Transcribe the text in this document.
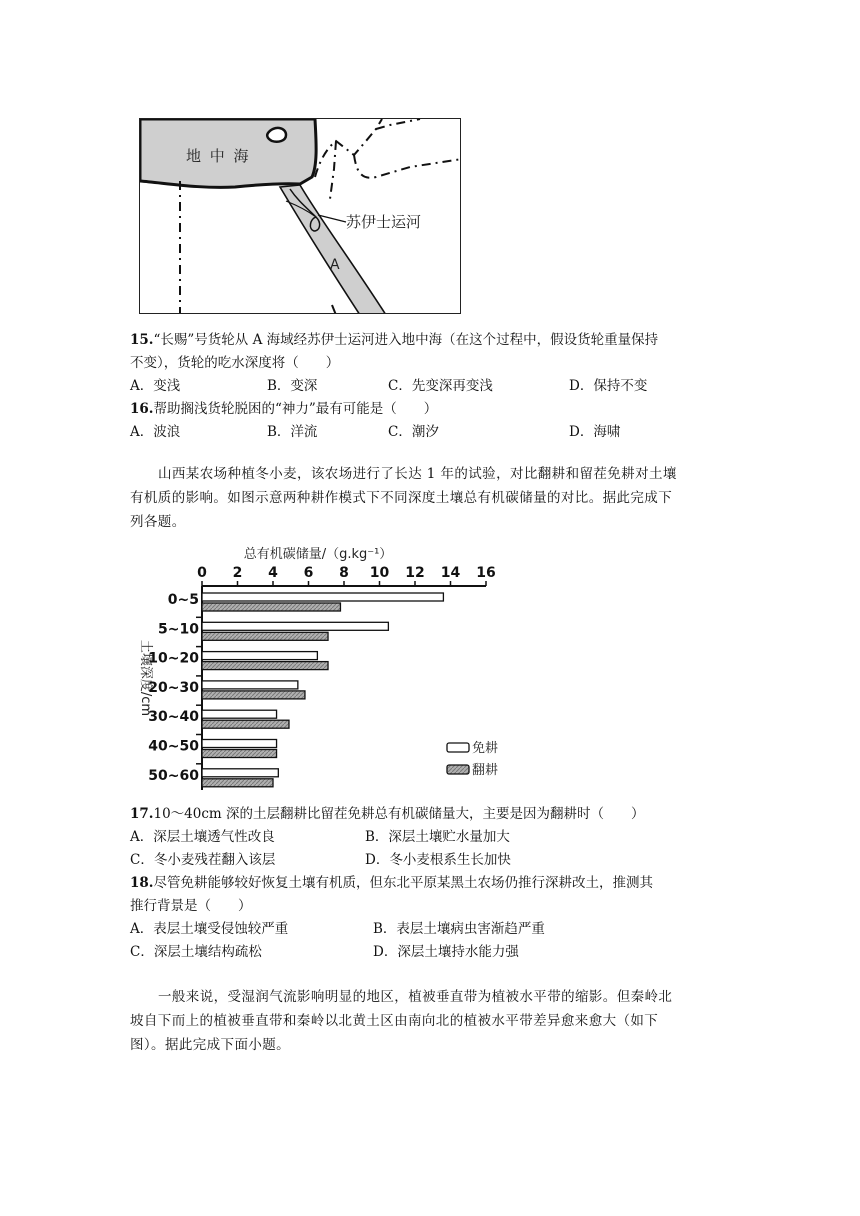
地 中 海
苏伊士运河
A
15.“长赐”号货轮从 A 海域经苏伊士运河进入地中海（在这个过程中，假设货轮重量保持
不变），货轮的吃水深度将（　　）
A．变浅	B．变深	C．先变深再变浅	D．保持不变
16.帮助搁浅货轮脱困的“神力”最有可能是（　　）
A．波浪	B．洋流	C．潮汐	D．海啸
山西某农场种植冬小麦，该农场进行了长达 1 年的试验，对比翻耕和留茬免耕对土壤
有机质的影响。如图示意两种耕作模式下不同深度土壤总有机碳储量的对比。据此完成下
列各题。
总有机碳储量/（g.kg⁻¹）
土壤深度/cm
0 2 4 6 8 10 12 14 16
0~5
5~10
10~20
20~30
30~40
40~50
50~60
免耕
翻耕
17.10～40cm 深的土层翻耕比留茬免耕总有机碳储量大，主要是因为翻耕时（　　）
A．深层土壤透气性改良	B．深层土壤贮水量加大
C．冬小麦残茬翻入该层	D．冬小麦根系生长加快
18.尽管免耕能够较好恢复土壤有机质，但东北平原某黑土农场仍推行深耕改土，推测其
推行背景是（　　）
A．表层土壤受侵蚀较严重	B．表层土壤病虫害渐趋严重
C．深层土壤结构疏松	D．深层土壤持水能力强
一般来说，受湿润气流影响明显的地区，植被垂直带为植被水平带的缩影。但秦岭北
坡自下而上的植被垂直带和秦岭以北黄土区由南向北的植被水平带差异愈来愈大（如下
图）。据此完成下面小题。
